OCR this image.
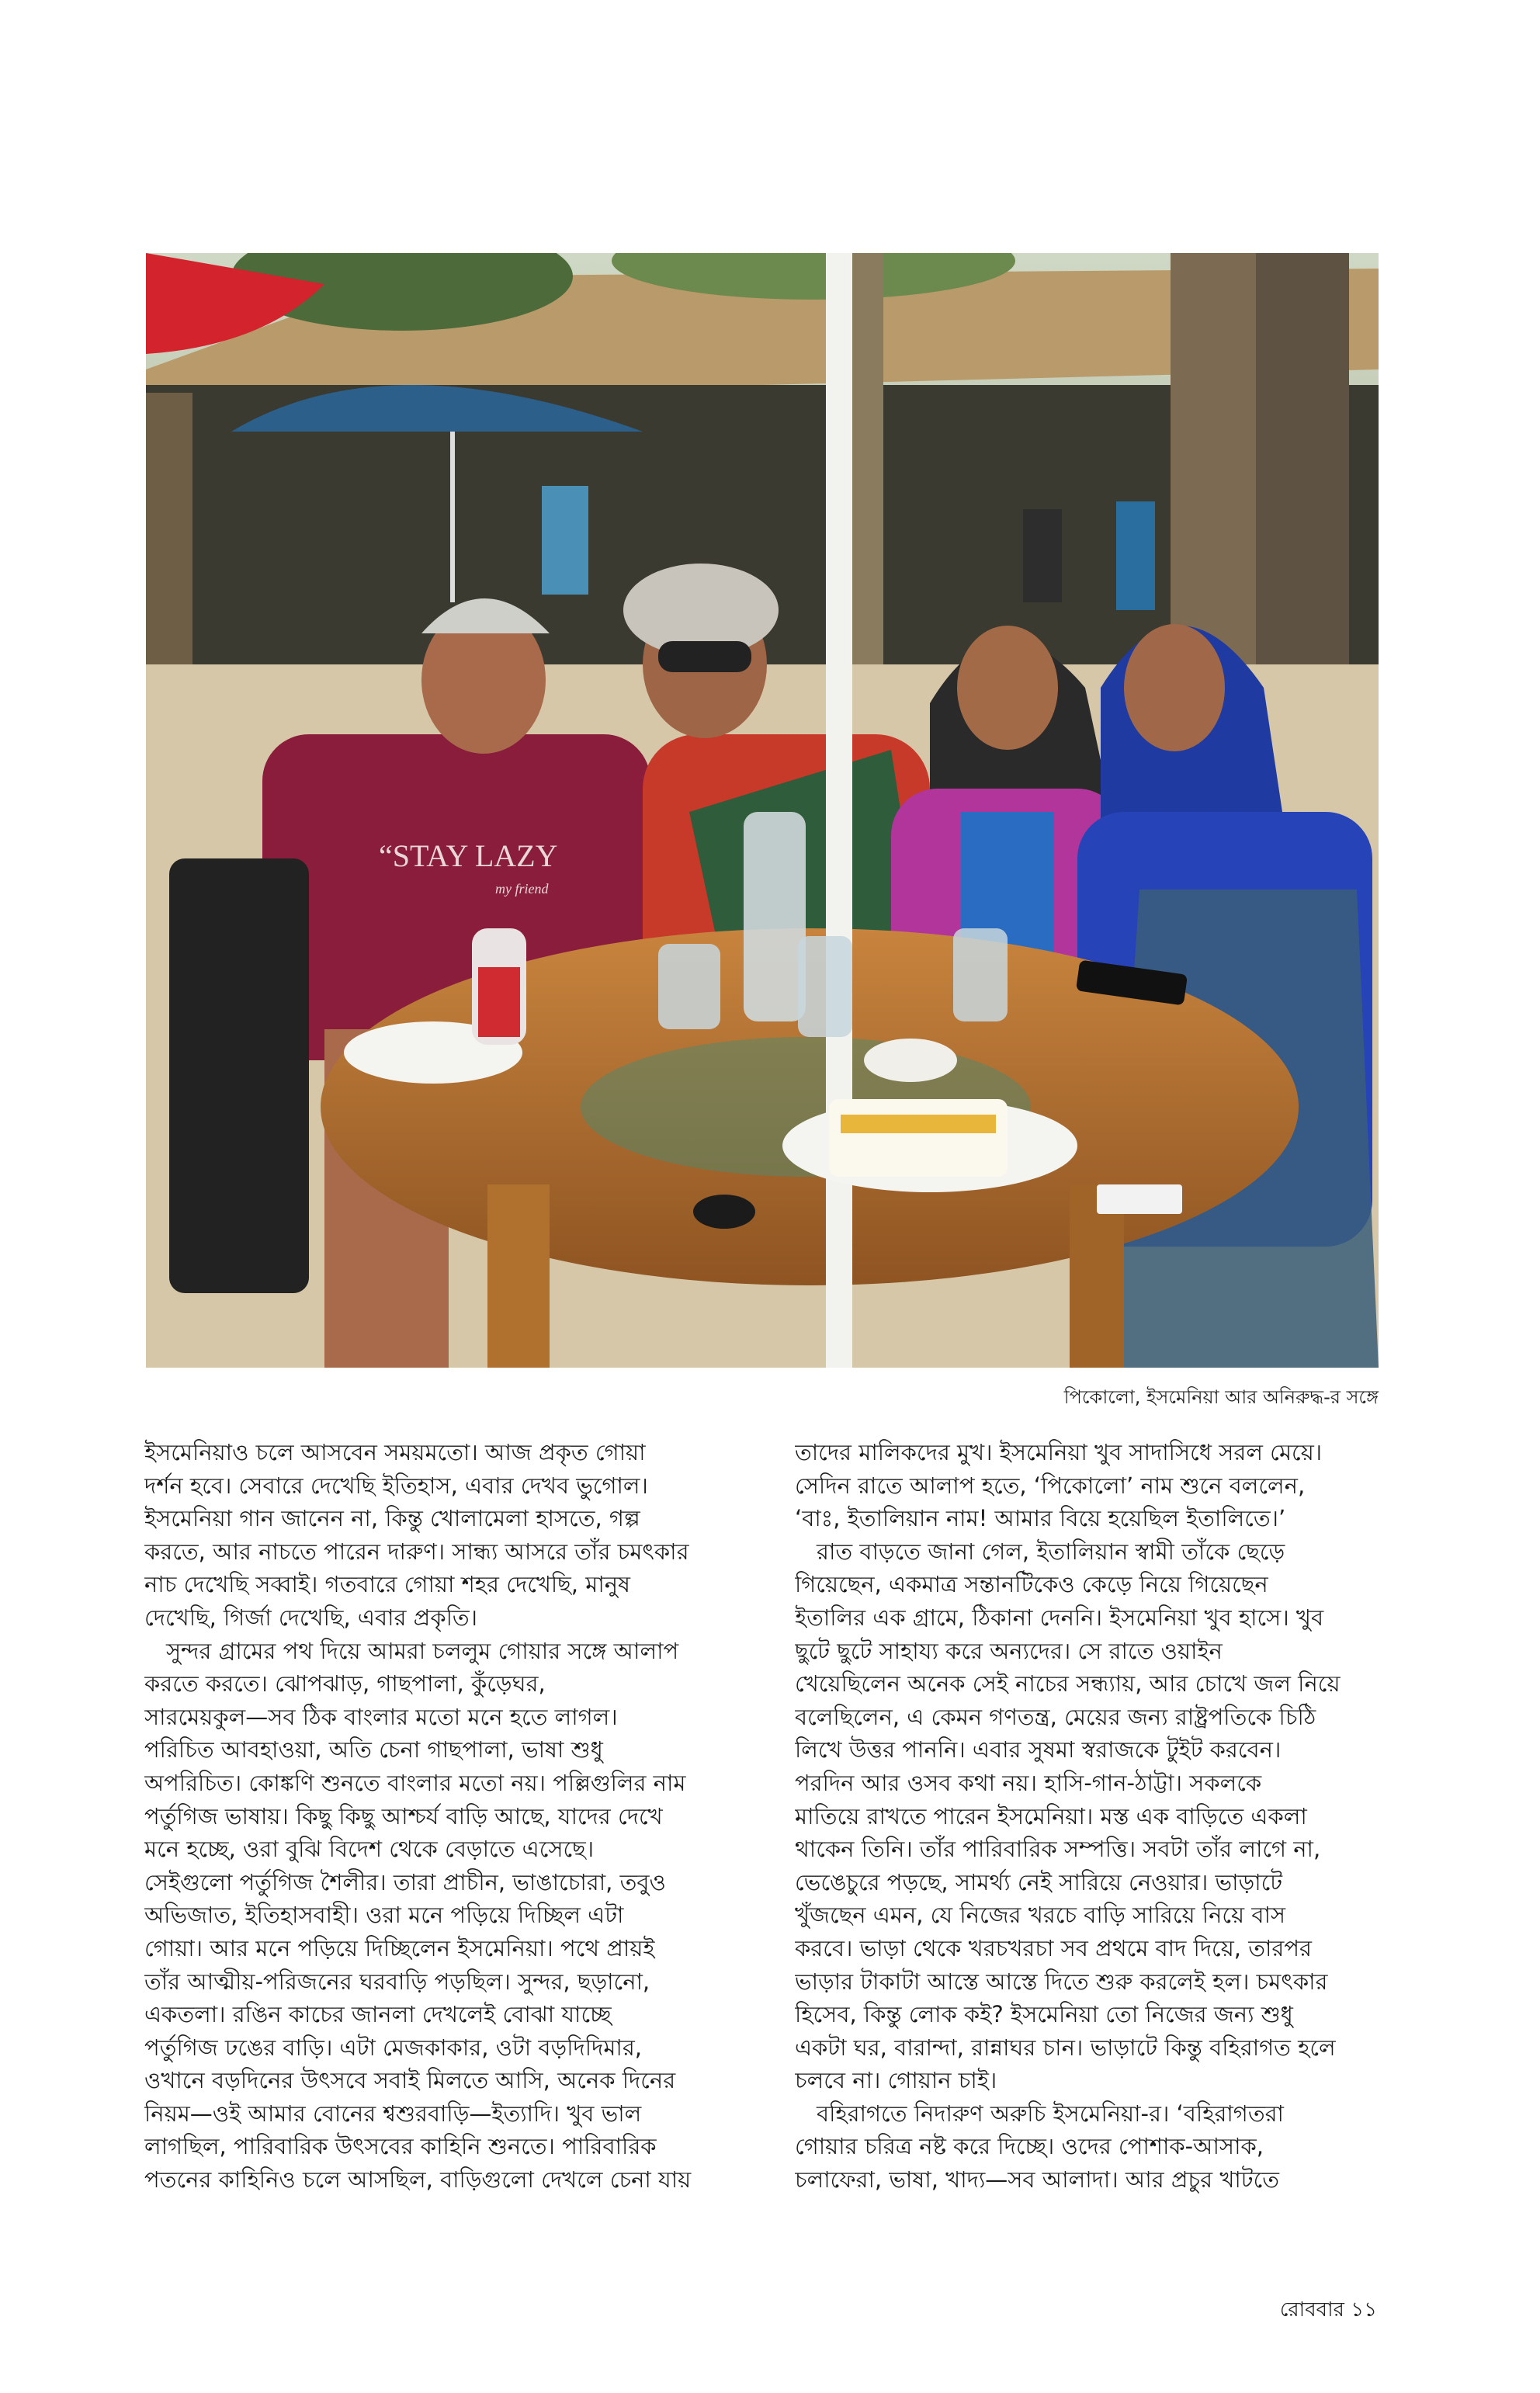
“STAY LAZY
my friend
পিকোলো, ইসমেনিয়া আর অনিরুদ্ধ-র সঙ্গে
ইসমেনিয়াও চলে আসবেন সময়মতো। আজ প্রকৃত গোয়া
দর্শন হবে। সেবারে দেখেছি ইতিহাস, এবার দেখব ভুগোল।
ইসমেনিয়া গান জানেন না, কিন্তু খোলামেলা হাসতে, গল্প
করতে, আর নাচতে পারেন দারুণ। সান্ধ্য আসরে তাঁর চমৎকার
নাচ দেখেছি সব্বাই। গতবারে গোয়া শহর দেখেছি, মানুষ
দেখেছি, গির্জা দেখেছি, এবার প্রকৃতি।
সুন্দর গ্রামের পথ দিয়ে আমরা চললুম গোয়ার সঙ্গে আলাপ
করতে করতে। ঝোপঝাড়, গাছপালা, কুঁড়েঘর,
সারমেয়কুল—সব ঠিক বাংলার মতো মনে হতে লাগল।
পরিচিত আবহাওয়া, অতি চেনা গাছপালা, ভাষা শুধু
অপরিচিত। কোঙ্কণি শুনতে বাংলার মতো নয়। পল্লিগুলির নাম
পর্তুগিজ ভাষায়। কিছু কিছু আশ্চর্য বাড়ি আছে, যাদের দেখে
মনে হচ্ছে, ওরা বুঝি বিদেশ থেকে বেড়াতে এসেছে।
সেইগুলো পর্তুগিজ শৈলীর। তারা প্রাচীন, ভাঙাচোরা, তবুও
অভিজাত, ইতিহাসবাহী। ওরা মনে পড়িয়ে দিচ্ছিল এটা
গোয়া। আর মনে পড়িয়ে দিচ্ছিলেন ইসমেনিয়া। পথে প্রায়ই
তাঁর আত্মীয়-পরিজনের ঘরবাড়ি পড়ছিল। সুন্দর, ছড়ানো,
একতলা। রঙিন কাচের জানলা দেখলেই বোঝা যাচ্ছে
পর্তুগিজ ঢঙের বাড়ি। এটা মেজকাকার, ওটা বড়দিদিমার,
ওখানে বড়দিনের উৎসবে সবাই মিলতে আসি, অনেক দিনের
নিয়ম—ওই আমার বোনের শ্বশুরবাড়ি—ইত্যাদি। খুব ভাল
লাগছিল, পারিবারিক উৎসবের কাহিনি শুনতে। পারিবারিক
পতনের কাহিনিও চলে আসছিল, বাড়িগুলো দেখলে চেনা যায়
তাদের মালিকদের মুখ। ইসমেনিয়া খুব সাদাসিধে সরল মেয়ে।
সেদিন রাতে আলাপ হতে, ‘পিকোলো’ নাম শুনে বললেন,
‘বাঃ, ইতালিয়ান নাম! আমার বিয়ে হয়েছিল ইতালিতে।’
রাত বাড়তে জানা গেল, ইতালিয়ান স্বামী তাঁকে ছেড়ে
গিয়েছেন, একমাত্র সন্তানটিকেও কেড়ে নিয়ে গিয়েছেন
ইতালির এক গ্রামে, ঠিকানা দেননি। ইসমেনিয়া খুব হাসে। খুব
ছুটে ছুটে সাহায্য করে অন্যদের। সে রাতে ওয়াইন
খেয়েছিলেন অনেক সেই নাচের সন্ধ্যায়, আর চোখে জল নিয়ে
বলেছিলেন, এ কেমন গণতন্ত্র, মেয়ের জন্য রাষ্ট্রপতিকে চিঠি
লিখে উত্তর পাননি। এবার সুষমা স্বরাজকে টুইট করবেন।
পরদিন আর ওসব কথা নয়। হাসি-গান-ঠাট্টা। সকলকে
মাতিয়ে রাখতে পারেন ইসমেনিয়া। মস্ত এক বাড়িতে একলা
থাকেন তিনি। তাঁর পারিবারিক সম্পত্তি। সবটা তাঁর লাগে না,
ভেঙেচুরে পড়ছে, সামর্থ্য নেই সারিয়ে নেওয়ার। ভাড়াটে
খুঁজছেন এমন, যে নিজের খরচে বাড়ি সারিয়ে নিয়ে বাস
করবে। ভাড়া থেকে খরচখরচা সব প্রথমে বাদ দিয়ে, তারপর
ভাড়ার টাকাটা আস্তে আস্তে দিতে শুরু করলেই হল। চমৎকার
হিসেব, কিন্তু লোক কই? ইসমেনিয়া তো নিজের জন্য শুধু
একটা ঘর, বারান্দা, রান্নাঘর চান। ভাড়াটে কিন্তু বহিরাগত হলে
চলবে না। গোয়ান চাই।
বহিরাগতে নিদারুণ অরুচি ইসমেনিয়া-র। ‘বহিরাগতরা
গোয়ার চরিত্র নষ্ট করে দিচ্ছে। ওদের পোশাক-আসাক,
চলাফেরা, ভাষা, খাদ্য—সব আলাদা। আর প্রচুর খাটতে
রোববার ১১
